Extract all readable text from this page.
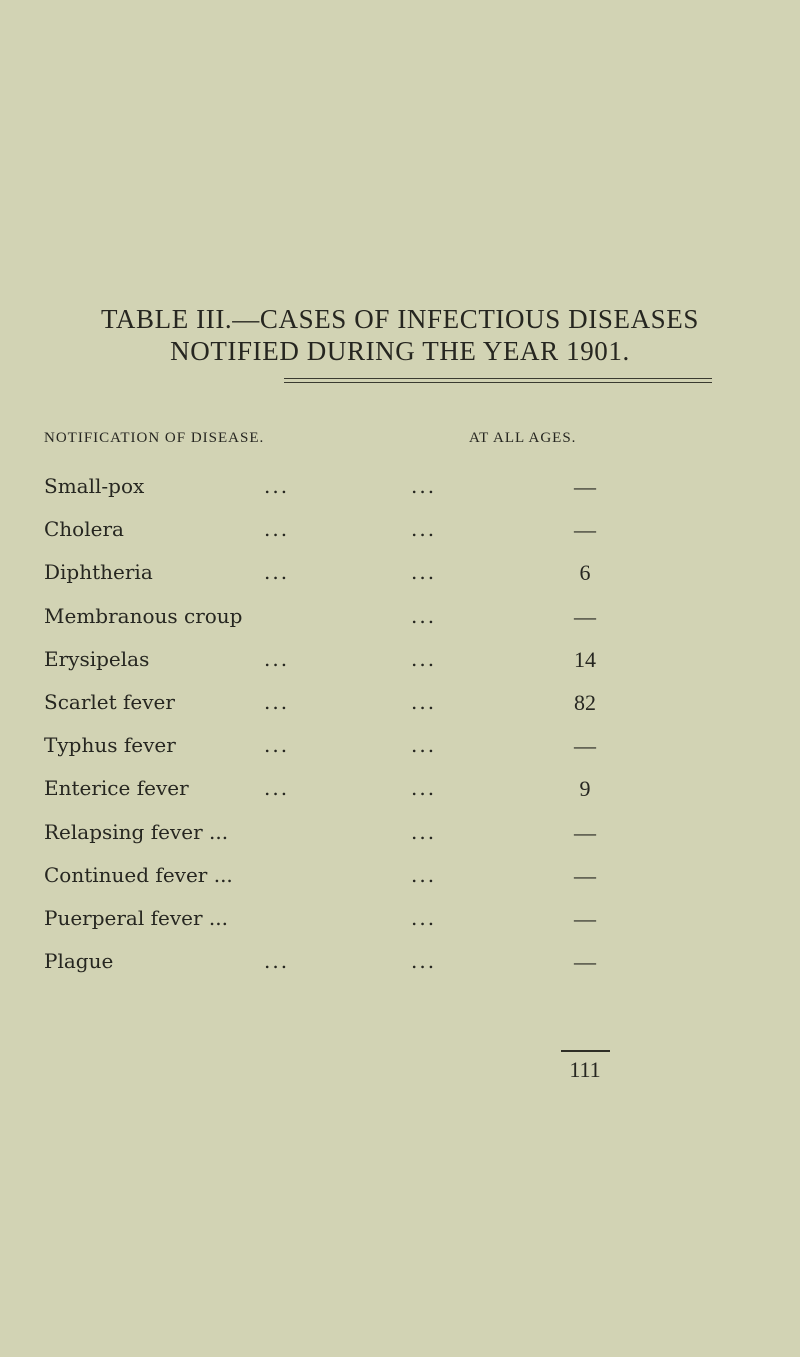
TABLE III.—CASES OF INFECTIOUS DISEASES
NOTIFIED DURING THE YEAR 1901.
NOTIFICATION OF DISEASE.	AT ALL AGES.
Small-pox	...	...	—
Cholera	...	...	—
Diphtheria	...	...	6
Membranous croup	...	—
Erysipelas	...	...	14
Scarlet fever	...	...	82
Typhus fever	...	...	—
Enterice fever	...	...	9
Relapsing fever ...	...	—
Continued fever ...	...	—
Puerperal fever ...	...	—
Plague	...	...	—
111
